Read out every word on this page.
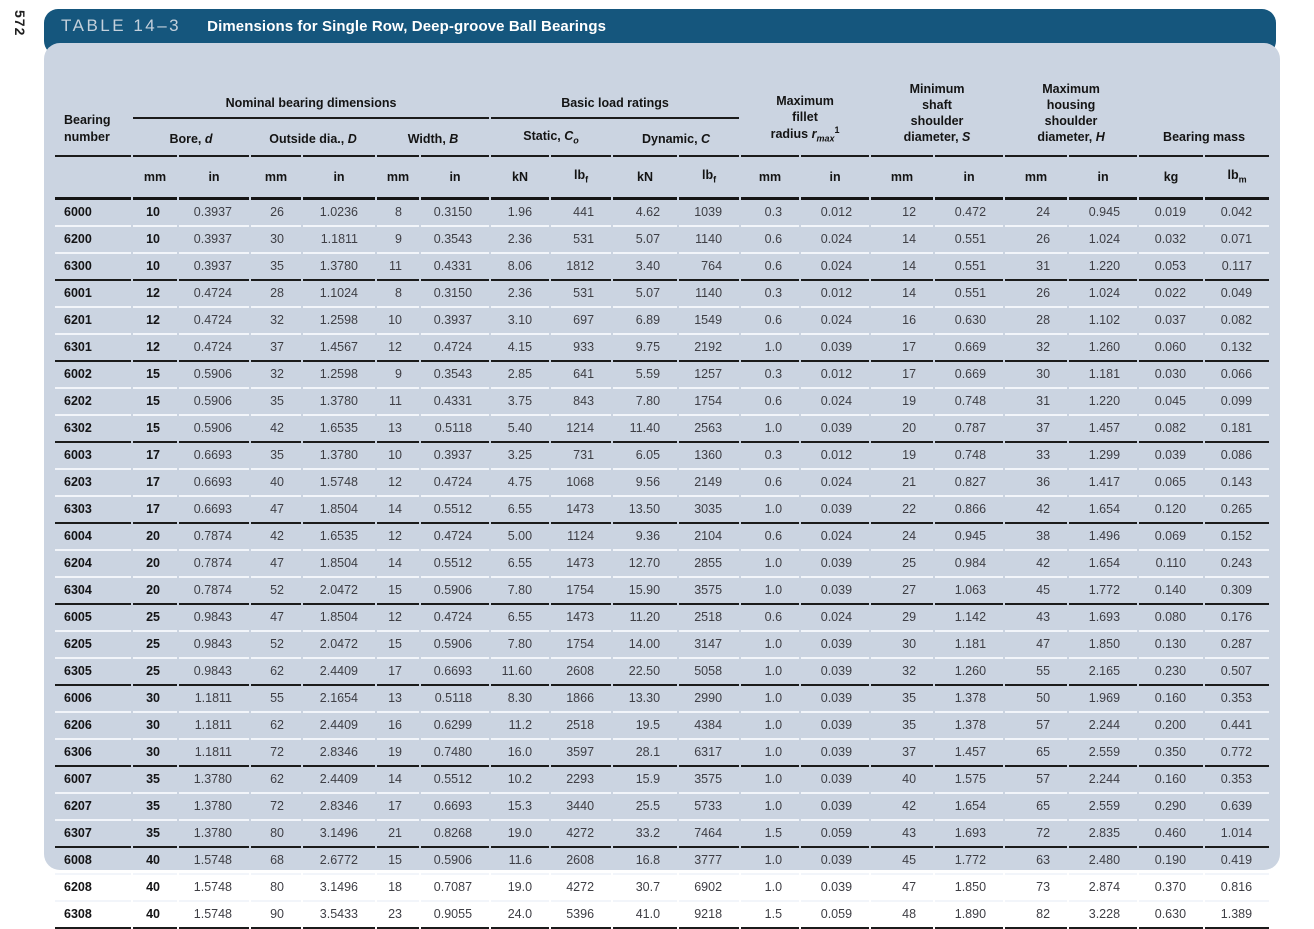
572 TABLE 14–3 Dimensions for Single Row, Deep-groove Ball Bearings
Bearing
number
	Nominal bearing dimensions	Basic load ratings	Maximum
fillet
radius $r_{max}^1$

Minimum
shaft
shoulder
diameter, S

Maximum
housing
shoulder
diameter, H	Bearing mass

	Bore, d		Outside dia., D		Width, B		Static, $C_o$		Dynamic, C									
	mm	in	mm	in	mm	in	kN	$lb_f$	kN	$lb_f$	mm	in	mm	in	mm	in	kg	$lb_m$
6000	10	0.3937	26	1.0236	8	0.3150	1.96	441	4.62	1039	0.3	0.012	12	0.472	24	0.945	0.019	0.042
6200	10	0.3937	30	1.1811	9	0.3543	2.36	531	5.07	1140	0.6	0.024	14	0.551	26	1.024	0.032	0.071
6300	10	0.3937	35	1.3780	11	0.4331	8.06	1812	3.40	764	0.6	0.024	14	0.551	31	1.220	0.053	0.117
6001	12	0.4724	28	1.1024	8	0.3150	2.36	531	5.07	1140	0.3	0.012	14	0.551	26	1.024	0.022	0.049
6201	12	0.4724	32	1.2598	10	0.3937	3.10	697	6.89	1549	0.6	0.024	16	0.630	28	1.102	0.037	0.082
6301	12	0.4724	37	1.4567	12	0.4724	4.15	933	9.75	2192	1.0	0.039	17	0.669	32	1.260	0.060	0.132
6002	15	0.5906	32	1.2598	9	0.3543	2.85	641	5.59	1257	0.3	0.012	17	0.669	30	1.181	0.030	0.066
6202	15	0.5906	35	1.3780	11	0.4331	3.75	843	7.80	1754	0.6	0.024	19	0.748	31	1.220	0.045	0.099
6302	15	0.5906	42	1.6535	13	0.5118	5.40	1214	11.40	2563	1.0	0.039	20	0.787	37	1.457	0.082	0.181
6003	17	0.6693	35	1.3780	10	0.3937	3.25	731	6.05	1360	0.3	0.012	19	0.748	33	1.299	0.039	0.086
6203	17	0.6693	40	1.5748	12	0.4724	4.75	1068	9.56	2149	0.6	0.024	21	0.827	36	1.417	0.065	0.143
6303	17	0.6693	47	1.8504	14	0.5512	6.55	1473	13.50	3035	1.0	0.039	22	0.866	42	1.654	0.120	0.265
6004	20	0.7874	42	1.6535	12	0.4724	5.00	1124	9.36	2104	0.6	0.024	24	0.945	38	1.496	0.069	0.152
6204	20	0.7874	47	1.8504	14	0.5512	6.55	1473	12.70	2855	1.0	0.039	25	0.984	42	1.654	0.110	0.243
6304	20	0.7874	52	2.0472	15	0.5906	7.80	1754	15.90	3575	1.0	0.039	27	1.063	45	1.772	0.140	0.309
6005	25	0.9843	47	1.8504	12	0.4724	6.55	1473	11.20	2518	0.6	0.024	29	1.142	43	1.693	0.080	0.176
6205	25	0.9843	52	2.0472	15	0.5906	7.80	1754	14.00	3147	1.0	0.039	30	1.181	47	1.850	0.130	0.287
6305	25	0.9843	62	2.4409	17	0.6693	11.60	2608	22.50	5058	1.0	0.039	32	1.260	55	2.165	0.230	0.507
6006	30	1.1811	55	2.1654	13	0.5118	8.30	1866	13.30	2990	1.0	0.039	35	1.378	50	1.969	0.160	0.353
6206	30	1.1811	62	2.4409	16	0.6299	11.2	2518	19.5	4384	1.0	0.039	35	1.378	57	2.244	0.200	0.441
6306	30	1.1811	72	2.8346	19	0.7480	16.0	3597	28.1	6317	1.0	0.039	37	1.457	65	2.559	0.350	0.772
6007	35	1.3780	62	2.4409	14	0.5512	10.2	2293	15.9	3575	1.0	0.039	40	1.575	57	2.244	0.160	0.353
6207	35	1.3780	72	2.8346	17	0.6693	15.3	3440	25.5	5733	1.0	0.039	42	1.654	65	2.559	0.290	0.639
6307	35	1.3780	80	3.1496	21	0.8268	19.0	4272	33.2	7464	1.5	0.059	43	1.693	72	2.835	0.460	1.014
6008	40	1.5748	68	2.6772	15	0.5906	11.6	2608	16.8	3777	1.0	0.039	45	1.772	63	2.480	0.190	0.419
6208	40	1.5748	80	3.1496	18	0.7087	19.0	4272	30.7	6902	1.0	0.039	47	1.850	73	2.874	0.370	0.816
6308	40	1.5748	90	3.5433	23	0.9055	24.0	5396	41.0	9218	1.5	0.059	48	1.890	82	3.228	0.630	1.389
